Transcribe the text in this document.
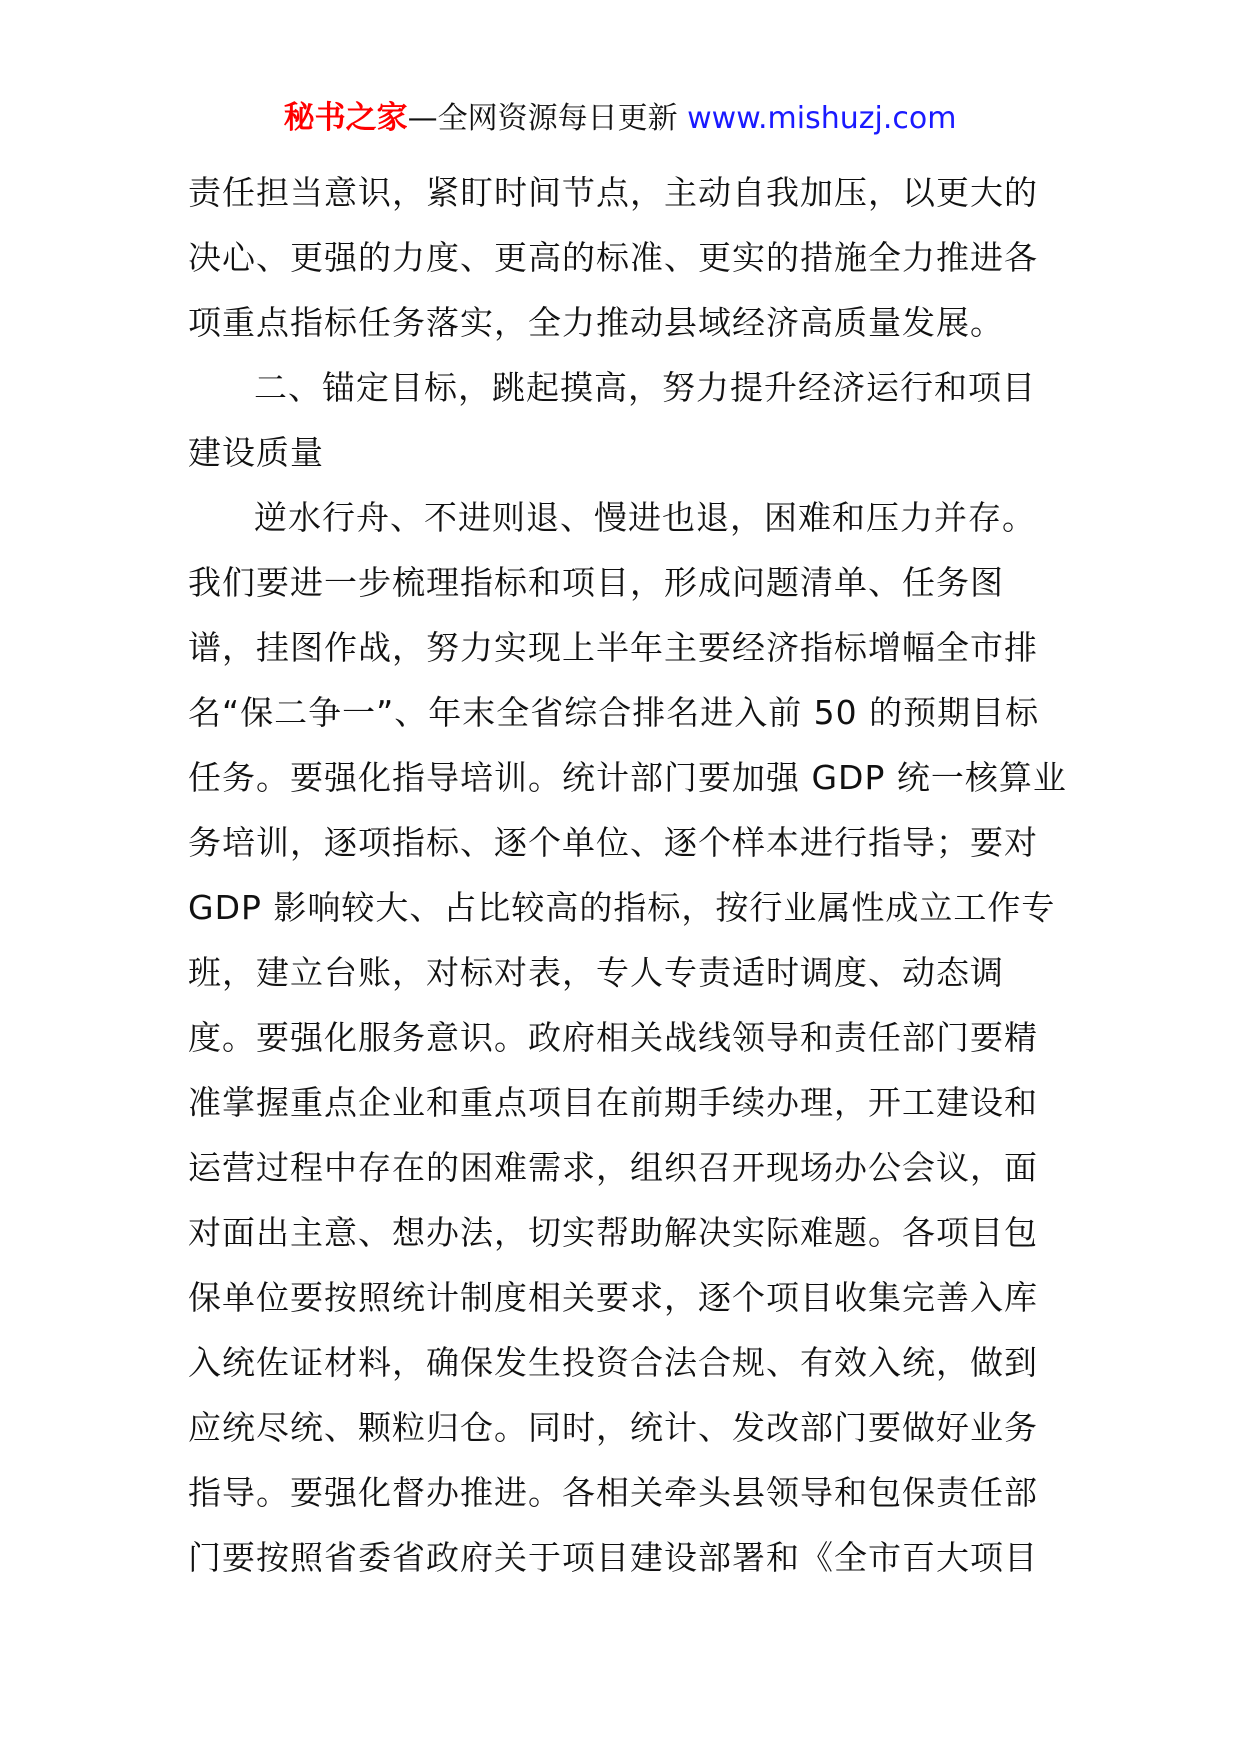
秘书之家—全网资源每日更新 www.mishuzj.com
责任担当意识，紧盯时间节点，主动自我加压，以更大的
决心、更强的力度、更高的标准、更实的措施全力推进各
项重点指标任务落实，全力推动县域经济高质量发展。
二、锚定目标，跳起摸高，努力提升经济运行和项目
建设质量
逆水行舟、不进则退、慢进也退，困难和压力并存。
我们要进一步梳理指标和项目，形成问题清单、任务图
谱，挂图作战，努力实现上半年主要经济指标增幅全市排
名“保二争一”、年末全省综合排名进入前 50 的预期目标
任务。要强化指导培训。统计部门要加强 GDP 统一核算业
务培训，逐项指标、逐个单位、逐个样本进行指导；要对
GDP 影响较大、占比较高的指标，按行业属性成立工作专
班，建立台账，对标对表，专人专责适时调度、动态调
度。要强化服务意识。政府相关战线领导和责任部门要精
准掌握重点企业和重点项目在前期手续办理，开工建设和
运营过程中存在的困难需求，组织召开现场办公会议，面
对面出主意、想办法，切实帮助解决实际难题。各项目包
保单位要按照统计制度相关要求，逐个项目收集完善入库
入统佐证材料，确保发生投资合法合规、有效入统，做到
应统尽统、颗粒归仓。同时，统计、发改部门要做好业务
指导。要强化督办推进。各相关牵头县领导和包保责任部
门要按照省委省政府关于项目建设部署和《全市百大项目
